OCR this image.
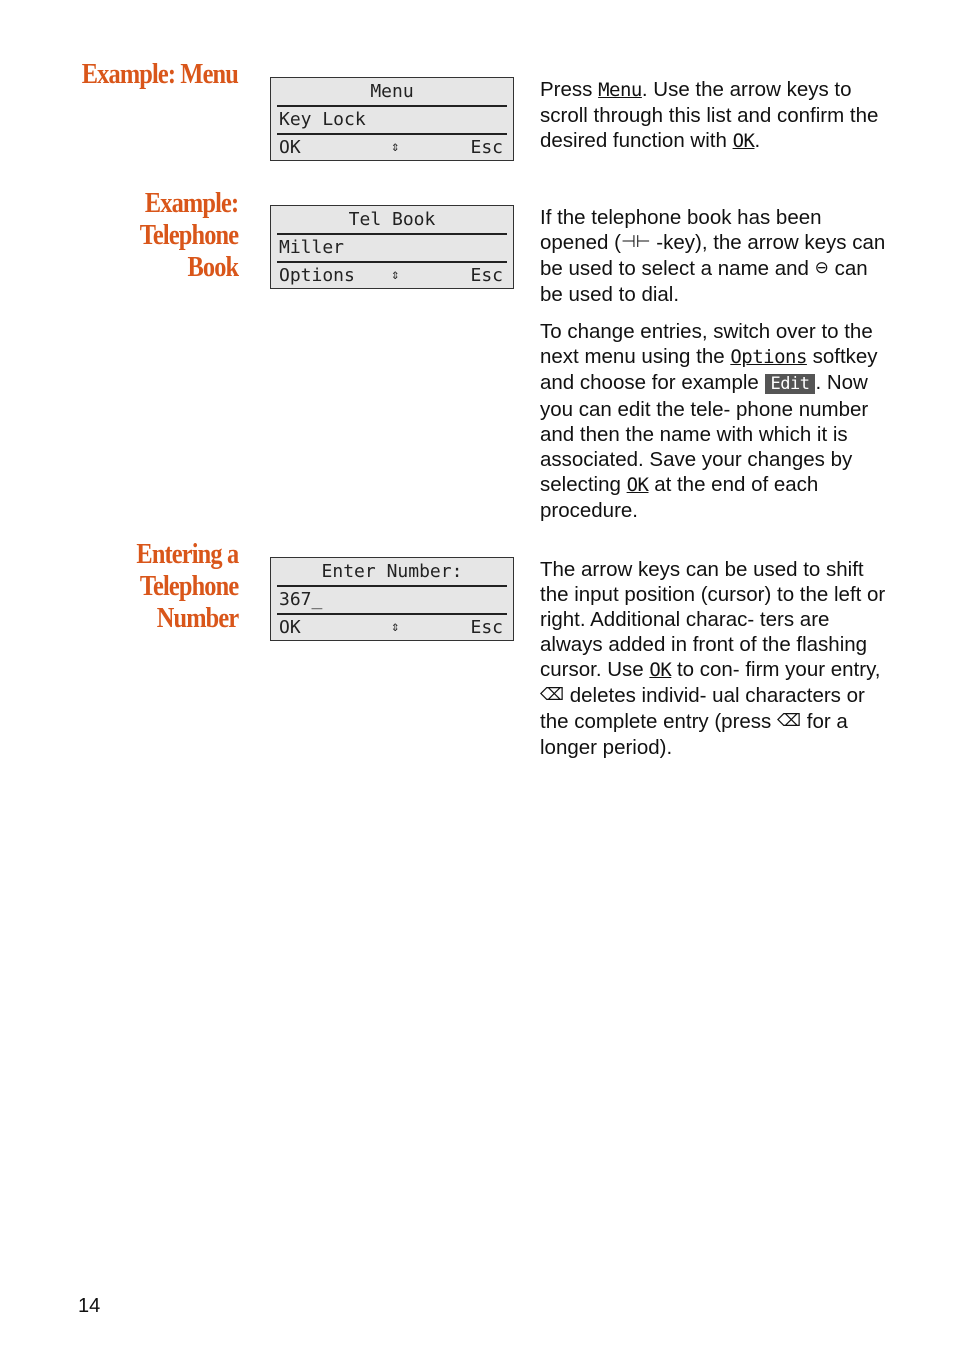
Example: Menu
Menu
Key Lock
OK	⇕	Esc

Press Menu. Use the arrow keys to scroll through this list and confirm the desired function with OK.

Example:
Telephone
Book
Tel Book
Miller
Options	⇕	Esc

If the telephone book has been opened (⊣⊢ -key), the arrow keys can be used to select a name and ⊖ can be used to dial.

To change entries, switch over to the next menu using the Options softkey and choose for example Edit . Now you can edit the tele- phone number and then the name with which it is associated. Save your changes by selecting OK at the end of each procedure.

Entering a
Telephone
Number
Enter Number:
367_
OK	⇕	Esc

The arrow keys can be used to shift the input position (cursor) to the left or right. Additional charac- ters are always added in front of the flashing cursor. Use OK to con- firm your entry, ⌫ deletes individ- ual characters or the complete entry (press ⌫ for a longer period).

14
